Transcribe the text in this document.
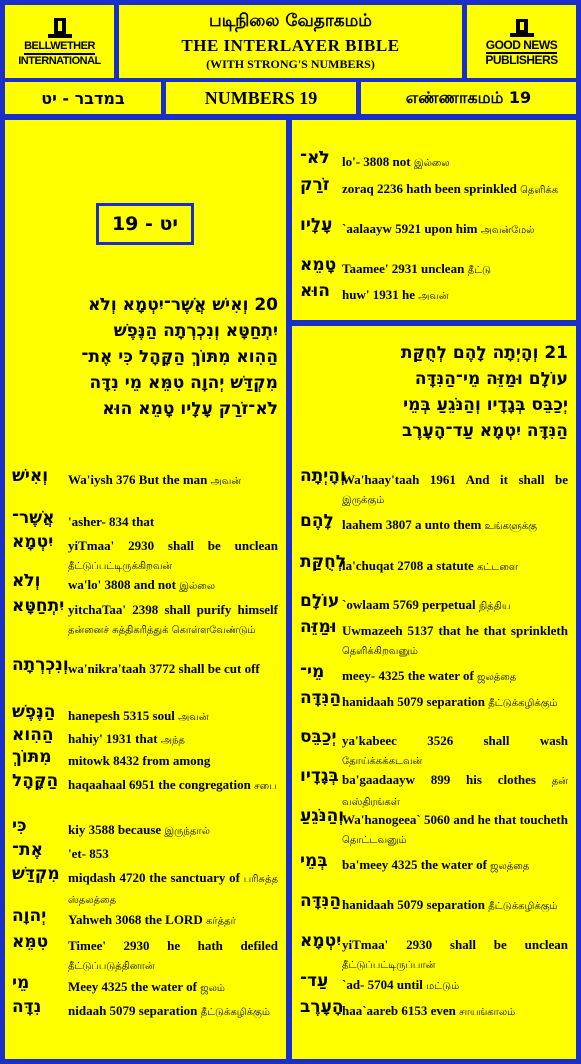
BELLWETHER
INTERNATIONAL
படிநிலை வேதாகமம்
THE INTERLAYER BIBLE
(WITH STRONG'S NUMBERS)
GOOD NEWS
PUBLISHERS
במדבר - יט	NUMBERS 19	எண்ணாகமம் 19
יט - 19
20 וְאִישׁ אֲשֶׁר־יִטְמָא וְלֹא
יִתְחַטָּא וְנִכְרְתָה הַנֶּפֶשׁ
הַהִוא מִתּוֹךְ הַקָּהָל כִּי אֶת־
מִקְדַּשׁ יְהוָה טִמֵּא מֵי נִדָּה
לֹא־זֹרַק עָלָיו טָמֵא הוּא
וְאִישׁ	Wa'iysh 376 But the man அவன்
אֲשֶׁר־	'asher- 834 that
יִטְמָא	yiTmaa' 2930 shall be unclean தீட்டுப்பட்டிருக்கிறவன்
וְלֹא	wa'lo' 3808 and not இல்லை
יִתְחַטָּא yitchaTaa' 2398 shall purify himself தன்னைச் சுத்திகரித்துக் கொள்ளவேண்டும்
וְנִכְרְתָה wa'nikra'taah 3772 shall be cut off
הַנֶּפֶשׁ hanepesh 5315 soul அவன்
הַהִוא	hahiy' 1931 that அந்த
מִתּוֹךְ	mitowk 8432 from among
הַקָּהָל haqaahaal 6951 the congregation சபை
כִּי	kiy 3588 because இருந்தால்
אֶת־	'et- 853
מִקְדַּשׁ miqdash 4720 the sanctuary of பரிசுத்த ஸ்தலத்தை
יְהוָה	Yahweh 3068 the LORD கர்த்தர்
טִמֵּא	Timee' 2930 he hath defiled தீட்டுப்படுத்தினான்
מֵי	Meey 4325 the water of ஜலம்
נִדָּה	nidaah 5079 separation தீட்டுக்கழிக்கும்
לֹא־ lo'- 3808 not இல்லை
זֹרַק zoraq 2236 hath been sprinkled தெளிக்க
עָלָיו `aalaayw 5921 upon him அவன்மேல்
טָמֵא Taamee' 2931 unclean தீட்டு
הוּא huw' 1931 he அவன்
21 וְהָיְתָה לָהֶם לְחֻקַּת
עוֹלָם וּמַזֵּה מֵי־הַנִּדָּה
יְכַבֵּס בְּגָדָיו וְהַנֹּגֵעַ בְּמֵי
הַנִּדָּה יִטְמָא עַד־הָעָרֶב
וְהָיְתָה
Wa'haay'taah 1961 And it shall be இருக்கும்
לָהֶם laahem 3807 a unto them உங்களுக்கு
לְחֻקַּת
la'chuqat 2708 a statute கட்டளை
עוֹלָם `owlaam 5769 perpetual நித்திய
וּמַזֵּה Uwmazeeh 5137 that he that sprinkleth தெளிக்கிறவனும்
מֵי־	meey- 4325 the water of ஜலத்தை
הַנִּדָּה hanidaah 5079 separation தீட்டுக்கழிக்கும்
יְכַבֵּס ya'kabeec 3526 shall wash தோய்க்கக்கடவன்
בְּגָדָיו ba'gaadaayw 899 his clothes தன் வஸ்திரங்கள்
וְהַנֹּגֵעַ
Wa'hanogeea` 5060 and he that toucheth தொட்டவனும்
בְּמֵי	ba'meey 4325 the water of ஜலத்தை
הַנִּדָּה hanidaah 5079 separation தீட்டுக்கழிக்கும்
יִטְמָא yiTmaa' 2930 shall be unclean தீட்டுப்பட்டிருப்பான்
עַד־	`ad- 5704 until மட்டும்
הָעָרֶב
haa`aareb 6153 even சாயங்காலம்
